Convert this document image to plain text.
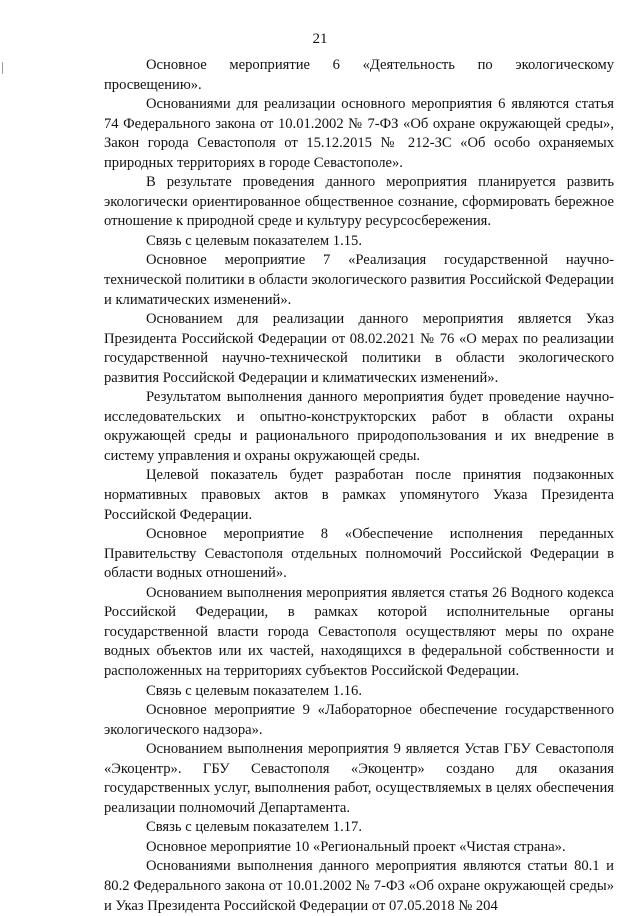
21

Основное мероприятие 6 «Деятельность по экологическому просвещению».

Основаниями для реализации основного мероприятия 6 являются статья 74 Федерального закона от 10.01.2002 № 7-ФЗ «Об охране окружающей среды», Закон города Севастополя от 15.12.2015 № 212-ЗС «Об особо охраняемых природных территориях в городе Севастополе».

В результате проведения данного мероприятия планируется развить экологически ориентированное общественное сознание, сформировать бережное отношение к природной среде и культуру ресурсосбережения.

Связь с целевым показателем 1.15.

Основное мероприятие 7 «Реализация государственной научно-технической политики в области экологического развития Российской Федерации и климатических изменений».

Основанием для реализации данного мероприятия является Указ Президента Российской Федерации от 08.02.2021 № 76 «О мерах по реализации государственной научно-технической политики в области экологического развития Российской Федерации и климатических изменений».

Результатом выполнения данного мероприятия будет проведение научно-исследовательских и опытно-конструкторских работ в области охраны окружающей среды и рационального природопользования и их внедрение в систему управления и охраны окружающей среды.

Целевой показатель будет разработан после принятия подзаконных нормативных правовых актов в рамках упомянутого Указа Президента Российской Федерации.

Основное мероприятие 8 «Обеспечение исполнения переданных Правительству Севастополя отдельных полномочий Российской Федерации в области водных отношений».

Основанием выполнения мероприятия является статья 26 Водного кодекса Российской Федерации, в рамках которой исполнительные органы государственной власти города Севастополя осуществляют меры по охране водных объектов или их частей, находящихся в федеральной собственности и расположенных на территориях субъектов Российской Федерации.

Связь с целевым показателем 1.16.

Основное мероприятие 9 «Лабораторное обеспечение государственного экологического надзора».

Основанием выполнения мероприятия 9 является Устав ГБУ Севастополя «Экоцентр». ГБУ Севастополя «Экоцентр» создано для оказания государственных услуг, выполнения работ, осуществляемых в целях обеспечения реализации полномочий Департамента.

Связь с целевым показателем 1.17.

Основное мероприятие 10 «Региональный проект «Чистая страна».

Основаниями выполнения данного мероприятия являются статьи 80.1 и 80.2 Федерального закона от 10.01.2002 № 7-ФЗ «Об охране окружающей среды» и Указ Президента Российской Федерации от 07.05.2018 № 204
